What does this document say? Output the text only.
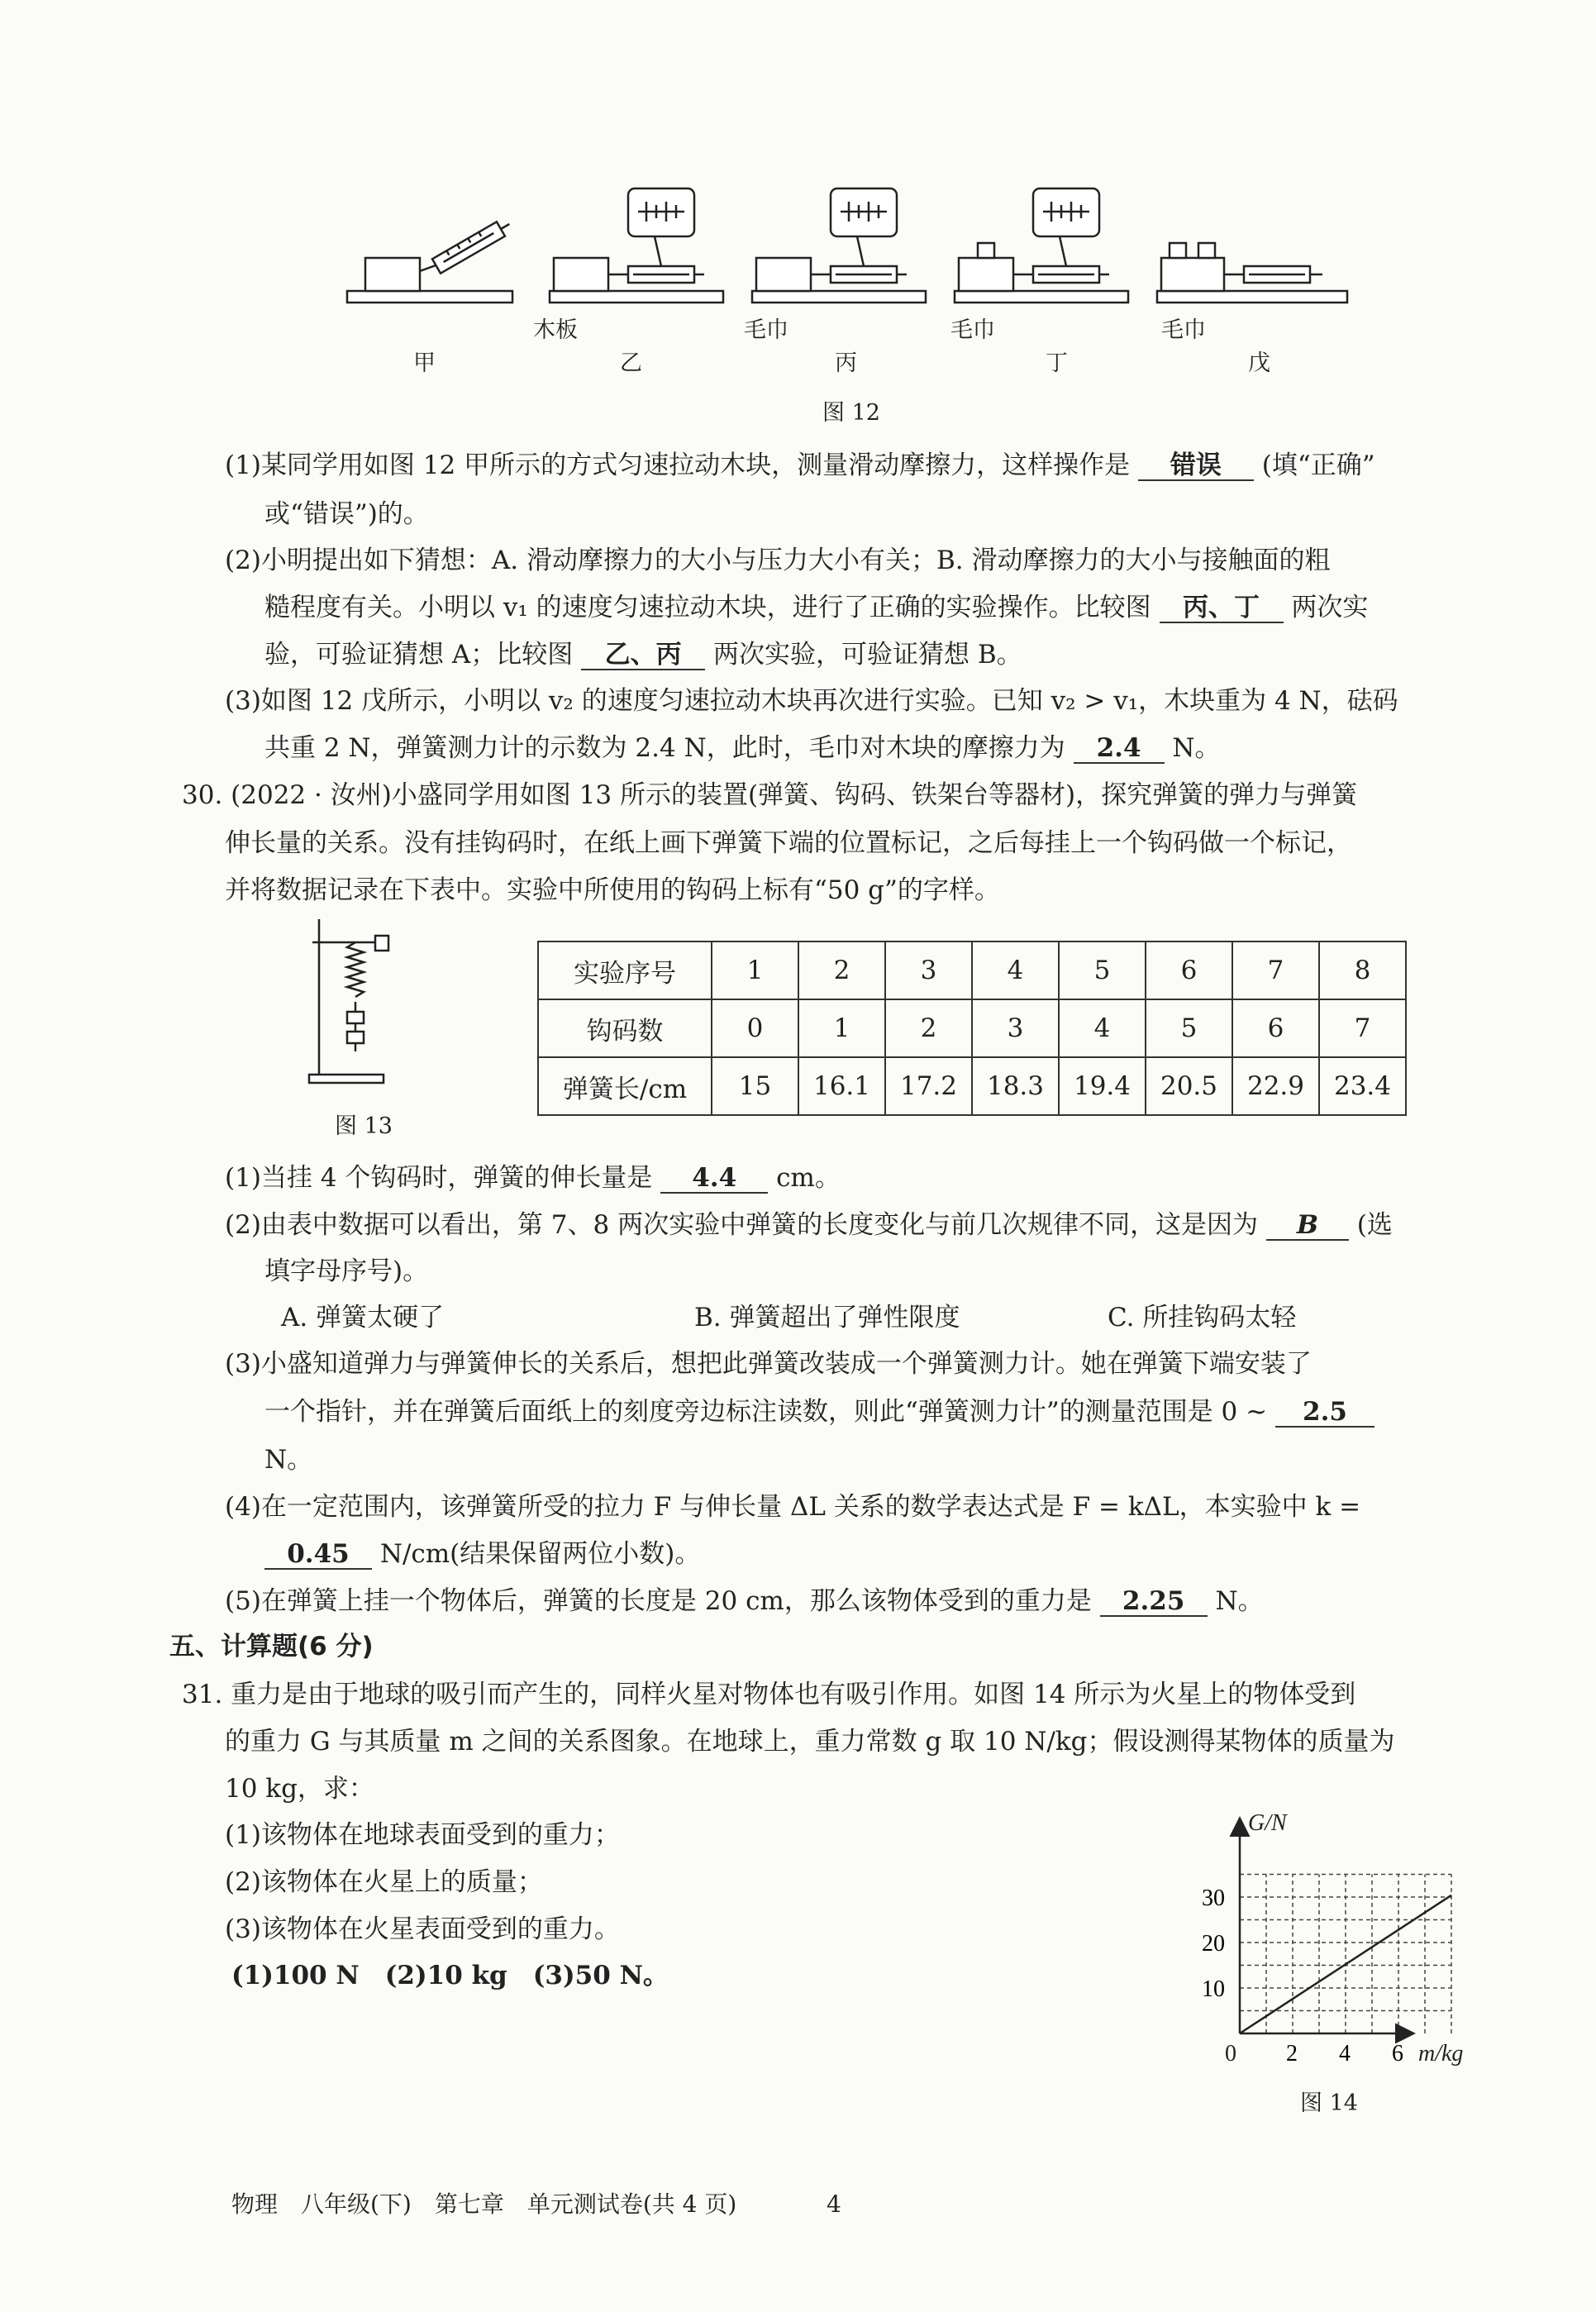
木板	毛巾	毛巾	毛巾
甲	乙	丙	丁	戊
图 12
(1)某同学用如图 12 甲所示的方式匀速拉动木块，测量滑动摩擦力，这样操作是 错误 (填“正确”
或“错误”)的。
(2)小明提出如下猜想：A. 滑动摩擦力的大小与压力大小有关；B. 滑动摩擦力的大小与接触面的粗
糙程度有关。小明以 v₁ 的速度匀速拉动木块，进行了正确的实验操作。比较图 丙、丁 两次实
验，可验证猜想 A；比较图 乙、丙 两次实验，可验证猜想 B。
(3)如图 12 戊所示，小明以 v₂ 的速度匀速拉动木块再次进行实验。已知 v₂ > v₁，木块重为 4 N，砝码
共重 2 N，弹簧测力计的示数为 2.4 N，此时，毛巾对木块的摩擦力为 2.4 N。
30. (2022 · 汝州)小盛同学用如图 13 所示的装置(弹簧、钩码、铁架台等器材)，探究弹簧的弹力与弹簧
伸长量的关系。没有挂钩码时，在纸上画下弹簧下端的位置标记，之后每挂上一个钩码做一个标记，
并将数据记录在下表中。实验中所使用的钩码上标有“50 g”的字样。
图 13
实验序号	1	2	3	4	5	6	7	8
钩码数	0	1	2	3	4	5	6	7
弹簧长/cm	15	16.1	17.2	18.3	19.4	20.5	22.9	23.4
(1)当挂 4 个钩码时，弹簧的伸长量是 4.4 cm。
(2)由表中数据可以看出，第 7、8 两次实验中弹簧的长度变化与前几次规律不同，这是因为 B (选
填字母序号)。
A. 弹簧太硬了	B. 弹簧超出了弹性限度	C. 所挂钩码太轻
(3)小盛知道弹力与弹簧伸长的关系后，想把此弹簧改装成一个弹簧测力计。她在弹簧下端安装了
一个指针，并在弹簧后面纸上的刻度旁边标注读数，则此“弹簧测力计”的测量范围是 0 ~ 2.5
N。
(4)在一定范围内，该弹簧所受的拉力 F 与伸长量 ΔL 关系的数学表达式是 F = kΔL，本实验中 k =
0.45 N/cm(结果保留两位小数)。
(5)在弹簧上挂一个物体后，弹簧的长度是 20 cm，那么该物体受到的重力是 2.25 N。
五、计算题(6 分)
31. 重力是由于地球的吸引而产生的，同样火星对物体也有吸引作用。如图 14 所示为火星上的物体受到
的重力 G 与其质量 m 之间的关系图象。在地球上，重力常数 g 取 10 N/kg；假设测得某物体的质量为
10 kg，求：
(1)该物体在地球表面受到的重力；
(2)该物体在火星上的质量；
(3)该物体在火星表面受到的重力。
(1)100 N　(2)10 kg　(3)50 N。
2 4 6
10
20
30
0
G/N
m/kg
图 14
物理　八年级(下)　第七章　单元测试卷(共 4 页)	4
